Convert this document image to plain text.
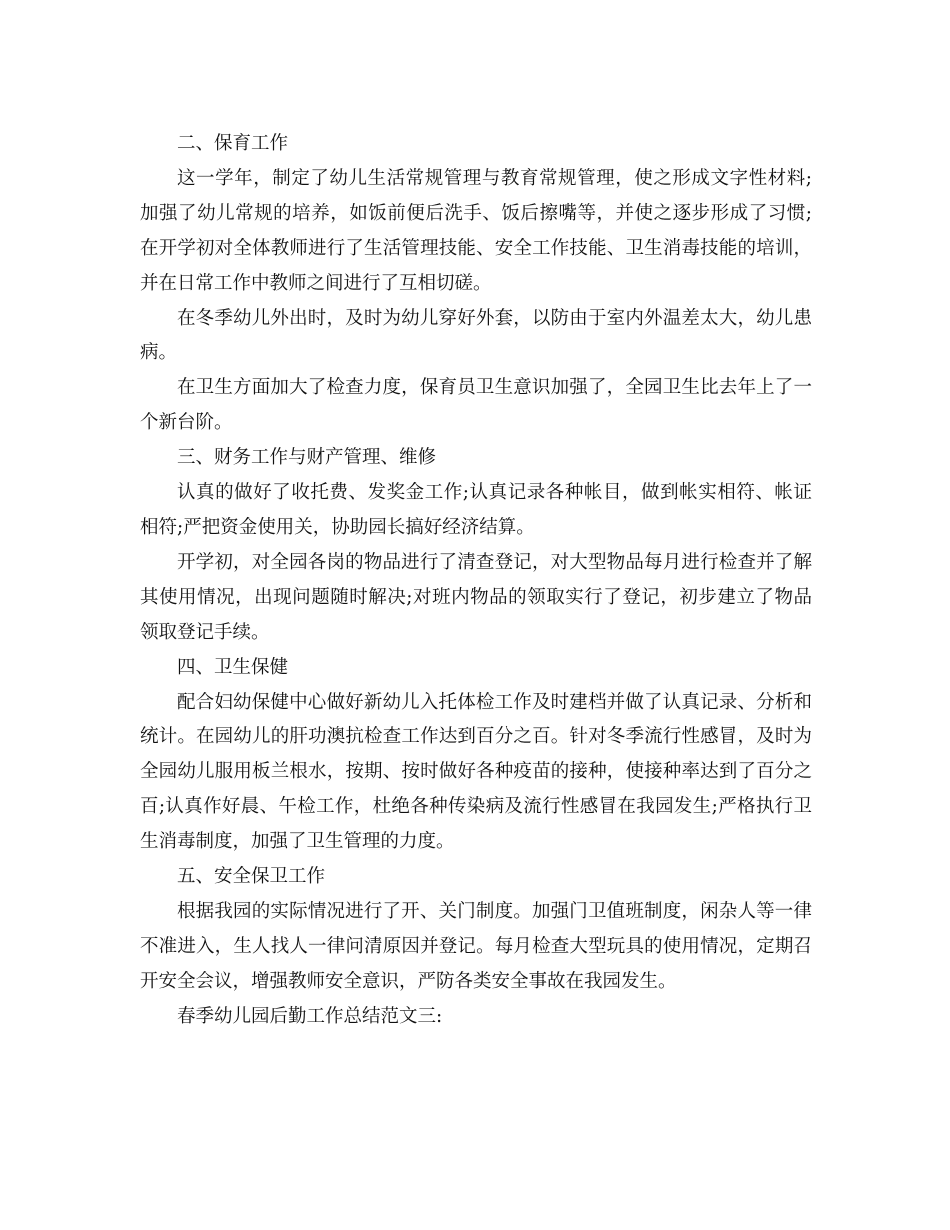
二、保育工作

这一学年，制定了幼儿生活常规管理与教育常规管理，使之形成文字性材料;加强了幼儿常规的培养，如饭前便后洗手、饭后擦嘴等，并使之逐步形成了习惯;在开学初对全体教师进行了生活管理技能、安全工作技能、卫生消毒技能的培训，并在日常工作中教师之间进行了互相切磋。

在冬季幼儿外出时，及时为幼儿穿好外套，以防由于室内外温差太大，幼儿患病。

在卫生方面加大了检查力度，保育员卫生意识加强了，全园卫生比去年上了一个新台阶。

三、财务工作与财产管理、维修

认真的做好了收托费、发奖金工作;认真记录各种帐目，做到帐实相符、帐证相符;严把资金使用关，协助园长搞好经济结算。

开学初，对全园各岗的物品进行了清查登记，对大型物品每月进行检查并了解其使用情况，出现问题随时解决;对班内物品的领取实行了登记，初步建立了物品领取登记手续。

四、卫生保健

配合妇幼保健中心做好新幼儿入托体检工作及时建档并做了认真记录、分析和统计。在园幼儿的肝功澳抗检查工作达到百分之百。针对冬季流行性感冒，及时为全园幼儿服用板兰根水，按期、按时做好各种疫苗的接种，使接种率达到了百分之百;认真作好晨、午检工作，杜绝各种传染病及流行性感冒在我园发生;严格执行卫生消毒制度，加强了卫生管理的力度。

五、安全保卫工作

根据我园的实际情况进行了开、关门制度。加强门卫值班制度，闲杂人等一律不准进入，生人找人一律问清原因并登记。每月检查大型玩具的使用情况，定期召开安全会议，增强教师安全意识，严防各类安全事故在我园发生。

春季幼儿园后勤工作总结范文三:
